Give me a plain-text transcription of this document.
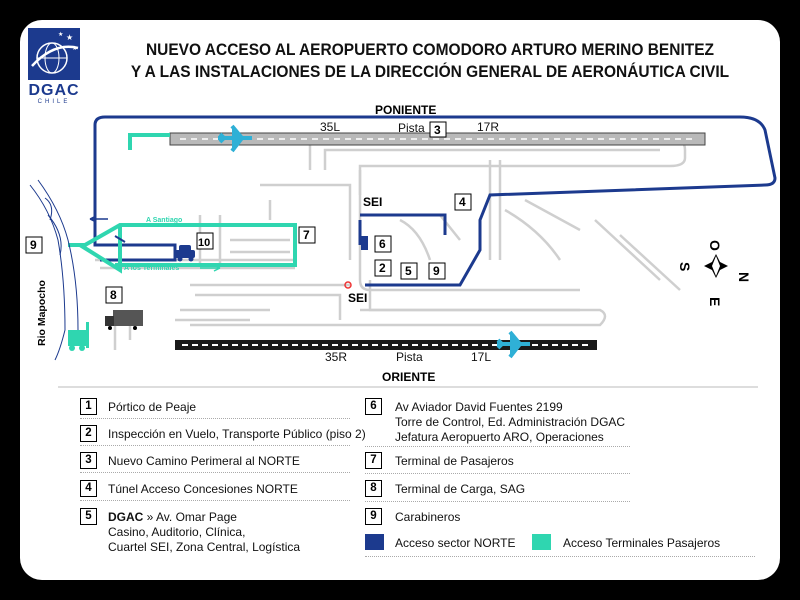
★
★
★
DGAC
CHILE
NUEVO ACCESO AL AEROPUERTO COMODORO ARTURO MERINO BENITEZ
Y A LAS INSTALACIONES DE LA DIRECCIÓN GENERAL DE AERONÁUTICA CIVIL
35L	Pista	17R
3
35R	Pista	17L
PONIENTE
ORIENTE
A Santiago
A los Terminales
Rio Mapocho
SEI
SEI
9	10
7
4
6
2 5 9
8
O
N
S
E
1	Pórtico de Peaje
2	Inspección en Vuelo, Transporte Público (piso 2)
3	Nuevo Camino Perimeral al NORTE
4	Túnel Acceso Concesiones NORTE
5	DGAC » Av. Omar Page
Casino, Auditorio, Clínica,
Cuartel SEI, Zona Central, Logística
6	Av Aviador David Fuentes 2199
Torre de Control, Ed. Administración DGAC
Jefatura Aeropuerto ARO, Operaciones
7	Terminal de Pasajeros
8	Terminal de Carga, SAG
9	Carabineros
Acceso sector NORTE	Acceso Terminales Pasajeros
